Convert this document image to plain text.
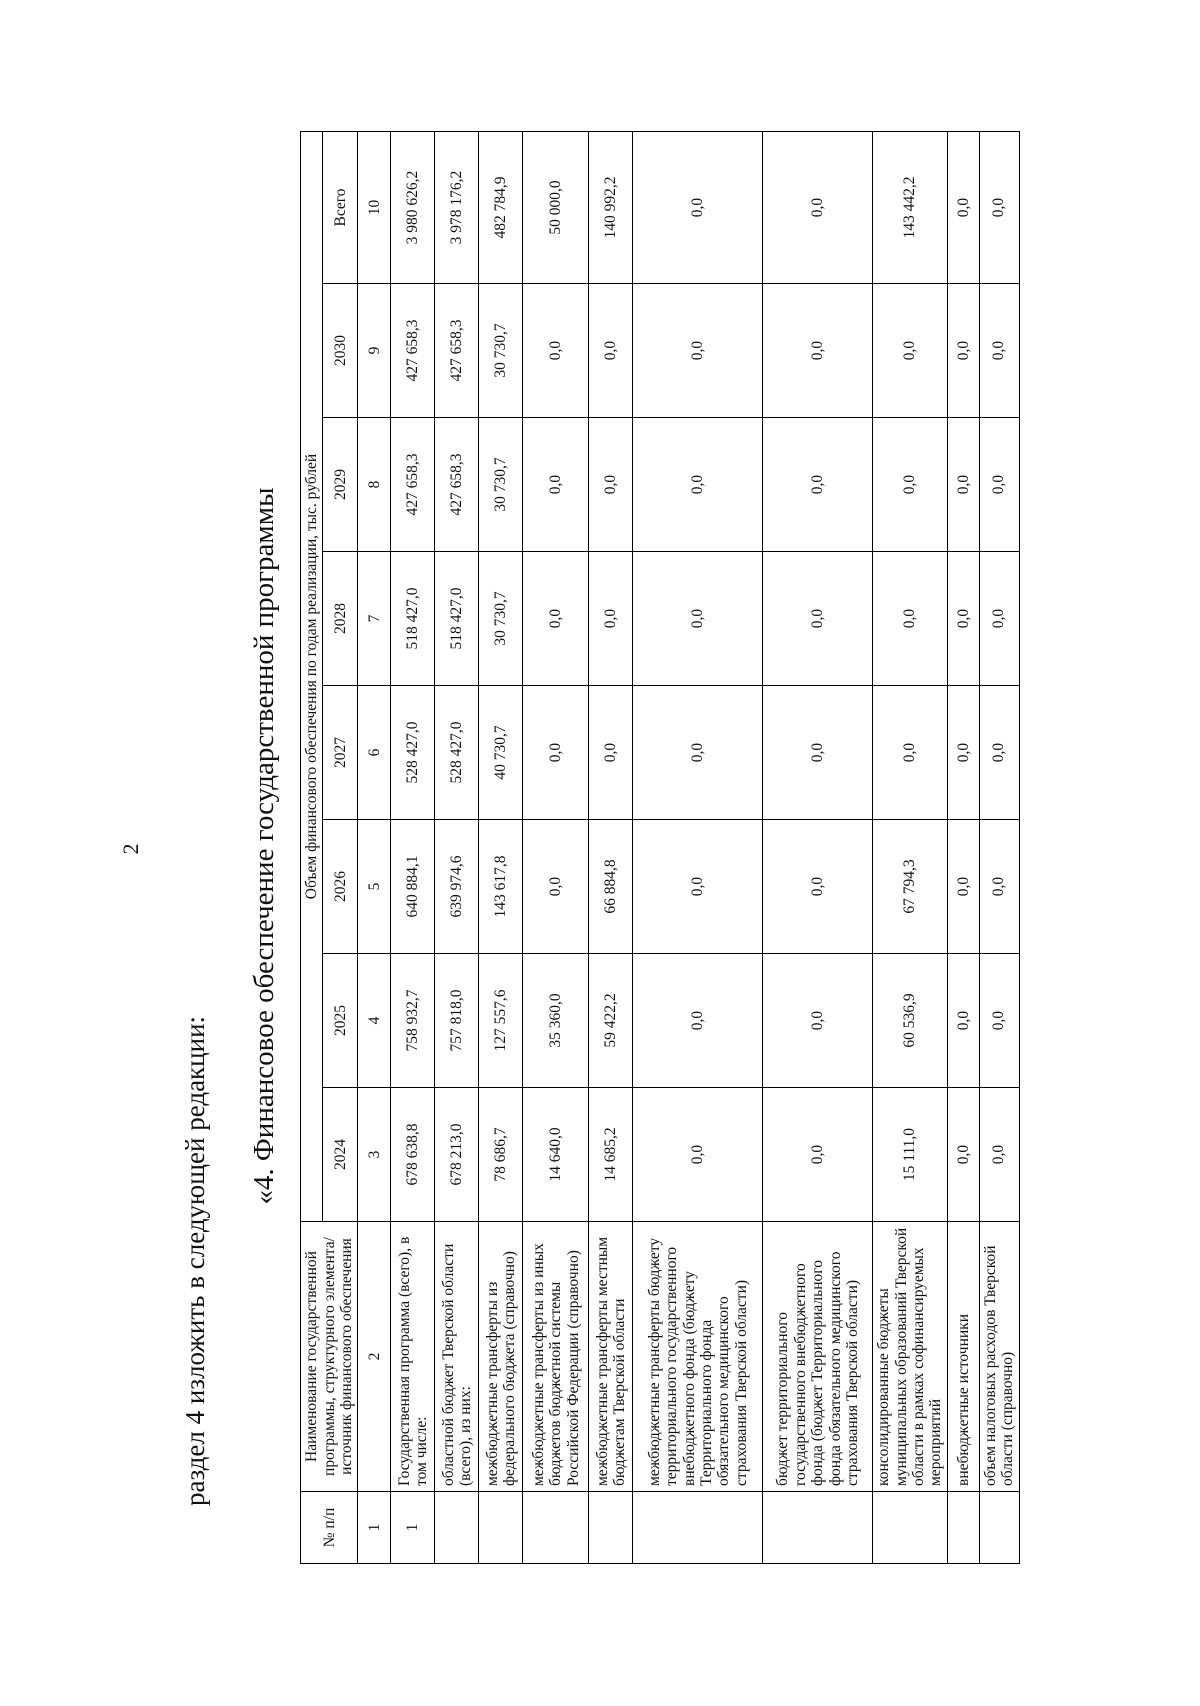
2
раздел 4 изложить в следующей редакции:
«4. Финансовое обеспечение государственной программы
№ п/п	Наименование государственной программы, структурного элемента/источник финансового обеспечения	Объем финансового обеспечения по годам реализации, тыс. рублей							
		2024	2025	2026	2027	2028	2029	2030	Всего
1	2	3	4	5	6	7	8	9	10
1	Государственная программа (всего), в том числе:	678 638,8	758 932,7	640 884,1	528 427,0	518 427,0	427 658,3	427 658,3	3 980 626,2
	областной бюджет Тверской области (всего), из них:	678 213,0	757 818,0	639 974,6	528 427,0	518 427,0	427 658,3	427 658,3	3 978 176,2
	межбюджетные трансферты из федерального бюджета (справочно)	78 686,7	127 557,6	143 617,8	40 730,7	30 730,7	30 730,7	30 730,7	482 784,9
	межбюджетные трансферты из иных бюджетов бюджетной системы Российской Федерации (справочно)	14 640,0	35 360,0	0,0	0,0	0,0	0,0	0,0	50 000,0
	межбюджетные трансферты местным бюджетам Тверской области	14 685,2	59 422,2	66 884,8	0,0	0,0	0,0	0,0	140 992,2
	межбюджетные трансферты бюджету территориального государственного внебюджетного фонда (бюджету Территориального фонда обязательного медицинского страхования Тверской области)	0,0	0,0	0,0	0,0	0,0	0,0	0,0	0,0
	бюджет территориального государственного внебюджетного фонда (бюджет Территориального фонда обязательного медицинского страхования Тверской области)	0,0	0,0	0,0	0,0	0,0	0,0	0,0	0,0
	консолидированные бюджеты муниципальных образований Тверской области в рамках софинансируемых мероприятий	15 111,0	60 536,9	67 794,3	0,0	0,0	0,0	0,0	143 442,2
	внебюджетные источники	0,0	0,0	0,0	0,0	0,0	0,0	0,0	0,0
	объем налоговых расходов Тверской области (справочно)	0,0	0,0	0,0	0,0	0,0	0,0	0,0	0,0
